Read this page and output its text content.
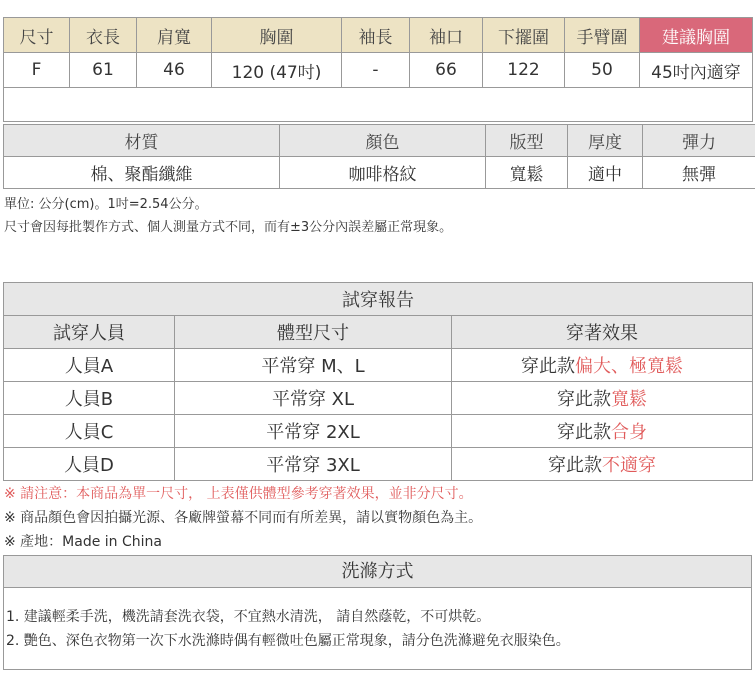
尺寸	衣長	肩寬	胸圍	袖長	袖口	下擺圍	手臂圍	建議胸圍
F	61	46	120 (47吋)	-	66	122	50	45吋內適穿

材質	顏色	版型	厚度	彈力
棉、聚酯纖維	咖啡格紋	寬鬆	適中	無彈
單位: 公分(cm)。1吋=2.54公分。
尺寸會因每批製作方式、個人測量方式不同，而有±3公分內誤差屬正常現象。
試穿報告		
試穿人員	體型尺寸	穿著效果
人員A	平常穿 M、L	穿此款偏大、極寬鬆
人員B	平常穿 XL	穿此款寬鬆
人員C	平常穿 2XL	穿此款合身
人員D	平常穿 3XL	穿此款不適穿
※ 請注意：本商品為單一尺寸， 上表僅供體型參考穿著效果，並非分尺寸。
※ 商品顏色會因拍攝光源、各廠牌螢幕不同而有所差異，請以實物顏色為主。
※ 產地：Made in China
洗滌方式
1. 建議輕柔手洗，機洗請套洗衣袋，不宜熱水清洗， 請自然蔭乾，不可烘乾。
2. 艷色、深色衣物第一次下水洗滌時偶有輕微吐色屬正常現象，請分色洗滌避免衣服染色。
